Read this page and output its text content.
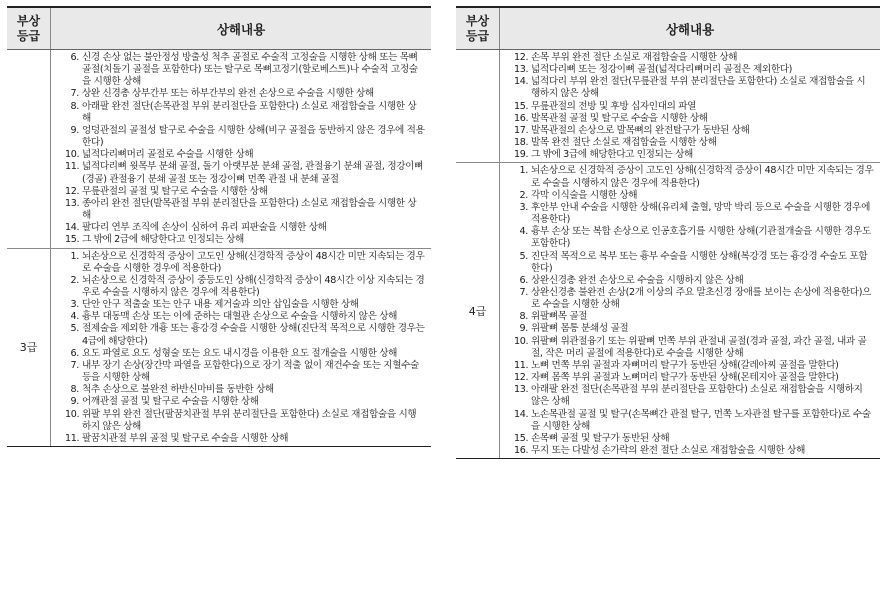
부상
등급	상해내용
6. 신경 손상 없는 불안정성 방출성 척추 골절로 수술적 고정술을 시행한 상해 또는 목뼈 골절(치돌기 골절을 포함한다) 또는 탈구로 목뼈고정기(할로베스트)나 수술적 고정술을 시행한 상해
7. 상완 신경총 상부간부 또는 하부간부의 완전 손상으로 수술을 시행한 상해
8. 아래팔 완전 절단(손목관절 부위 분리절단을 포함한다) 소실로 재접합술을 시행한 상해
9. 엉덩관절의 골절성 탈구로 수술을 시행한 상해(비구 골절을 동반하지 않은 경우에 적용한다)
10. 넓적다리뼈머리 골절로 수술을 시행한 상해
11. 넓적다리뼈 윗목부 분쇄 골절, 돌기 아랫부분 분쇄 골절, 관절융기 분쇄 골절, 정강이뼈(경골) 관절융기 분쇄 골절 또는 정강이뼈 먼쪽 관절 내 분쇄 골절
12. 무릎관절의 골절 및 탈구로 수술을 시행한 상해
13. 종아리 완전 절단(발목관절 부위 분리절단을 포함한다) 소실로 재접합술을 시행한 상해
14. 팔다리 연부 조직에 손상이 심하여 유리 피판술을 시행한 상해
15. 그 밖에 2급에 해당한다고 인정되는 상해
3급
1. 뇌손상으로 신경학적 증상이 고도인 상해(신경학적 증상이 48시간 미만 지속되는 경우로 수술을 시행한 경우에 적용한다)
2. 뇌손상으로 신경학적 증상이 중등도인 상해(신경학적 증상이 48시간 이상 지속되는 경우로 수술을 시행하지 않은 경우에 적용한다)
3. 단안 안구 적출술 또는 안구 내용 제거술과 의안 삽입술을 시행한 상해
4. 흉부 대동맥 손상 또는 이에 준하는 대혈관 손상으로 수술을 시행하지 않은 상해
5. 절제술을 제외한 개흉 또는 흉강경 수술을 시행한 상해(진단적 목적으로 시행한 경우는 4급에 해당한다)
6. 요도 파열로 요도 성형술 또는 요도 내시경을 이용한 요도 절개술을 시행한 상해
7. 내부 장기 손상(장간막 파열을 포함한다)으로 장기 적출 없이 재건수술 또는 지혈수술 등을 시행한 상해
8. 척추 손상으로 불완전 하반신마비를 동반한 상해
9. 어깨관절 골절 및 탈구로 수술을 시행한 상해
10. 위팔 부위 완전 절단(팔꿈치관절 부위 분리절단을 포함한다) 소실로 재접합술을 시행하지 않은 상해
11. 팔꿈치관절 부위 골절 및 탈구로 수술을 시행한 상해
부상
등급	상해내용
12. 손목 부위 완전 절단 소실로 재접합술을 시행한 상해
13. 넓적다리뼈 또는 정강이뼈 골절(넓적다리뼈머리 골절은 제외한다)
14. 넓적다리 부위 완전 절단(무릎관절 부위 분리절단을 포함한다) 소실로 재접합술을 시행하지 않은 상해
15. 무릎관절의 전방 및 후방 십자인대의 파열
16. 발목관절 골절 및 탈구로 수술을 시행한 상해
17. 발목관절의 손상으로 발목뼈의 완전탈구가 동반된 상해
18. 발목 완전 절단 소실로 재접합술을 시행한 상해
19. 그 밖에 3급에 해당한다고 인정되는 상해
4급
1. 뇌손상으로 신경학적 증상이 고도인 상해(신경학적 증상이 48시간 미만 지속되는 경우로 수술을 시행하지 않은 경우에 적용한다)
2. 각막 이식술을 시행한 상해
3. 후안부 안내 수술을 시행한 상해(유리체 출혈, 망막 박리 등으로 수술을 시행한 경우에 적용한다)
4. 흉부 손상 또는 복합 손상으로 인공호흡기를 시행한 상해(기관절개술을 시행한 경우도 포함한다)
5. 진단적 목적으로 복부 또는 흉부 수술을 시행한 상해(복강경 또는 흉강경 수술도 포함한다)
6. 상완신경총 완전 손상으로 수술을 시행하지 않은 상해
7. 상완신경총 불완전 손상(2개 이상의 주요 말초신경 장애를 보이는 손상에 적용한다)으로 수술을 시행한 상해
8. 위팔뼈목 골절
9. 위팔뼈 몸통 분쇄성 골절
10. 위팔뼈 위관절융기 또는 위팔뼈 먼쪽 부위 관절내 골절(경과 골절, 과간 골절, 내과 골절, 작은 머리 골절에 적용한다)로 수술을 시행한 상해
11. 노뼈 먼쪽 부위 골절과 자뼈머리 탈구가 동반된 상해(갈레아찌 골절을 말한다)
12. 자뼈 몸쪽 부위 골절과 노뼈머리 탈구가 동반된 상해(몬테지아 골절을 말한다)
13. 아래팔 완전 절단(손목관절 부위 분리절단을 포함한다) 소실로 재접합술을 시행하지 않은 상해
14. 노손목관절 골절 및 탈구(손목뼈간 관절 탈구, 먼쪽 노자관절 탈구를 포함한다)로 수술을 시행한 상해
15. 손목뼈 골절 및 탈구가 동반된 상해
16. 무지 또는 다발성 손가락의 완전 절단 소실로 재접합술을 시행한 상해
